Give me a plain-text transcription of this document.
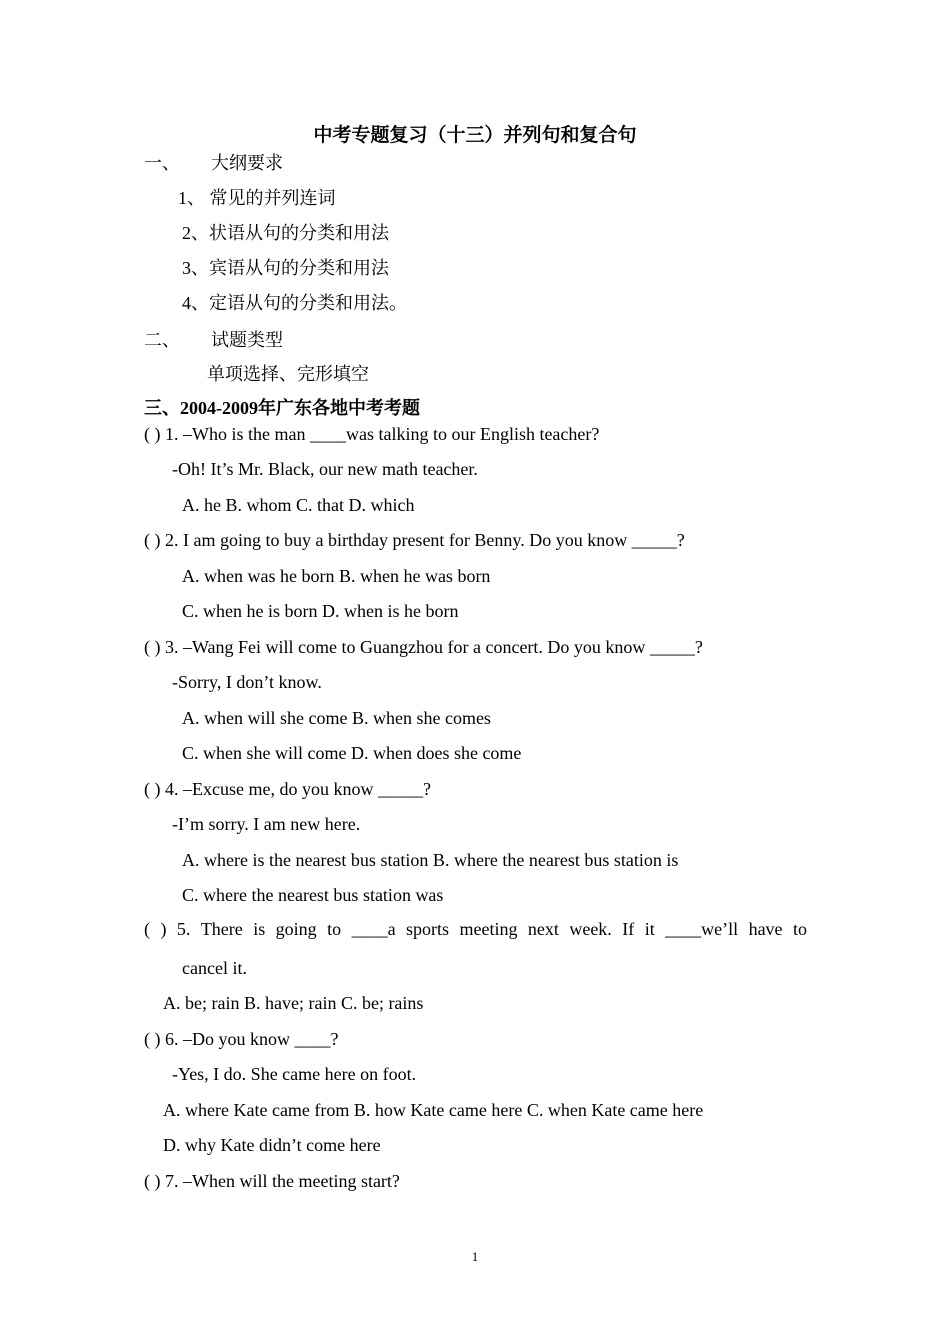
中考专题复习（十三）并列句和复合句
一、 大纲要求
1、 常见的并列连词
2、状语从句的分类和用法
3、宾语从句的分类和用法
4、定语从句的分类和用法。
二、 试题类型
单项选择、完形填空
三、2004-2009年广东各地中考考题
( ) 1. –Who is the man ____was talking to our English teacher?
-Oh! It’s Mr. Black, our new math teacher.
A. he B. whom C. that D. which
( ) 2. I am going to buy a birthday present for Benny. Do you know _____?
A. when was he born B. when he was born
C. when he is born D. when is he born
( ) 3. –Wang Fei will come to Guangzhou for a concert. Do you know _____?
-Sorry, I don’t know.
A. when will she come B. when she comes
C. when she will come D. when does she come
( ) 4. –Excuse me, do you know _____?
-I’m sorry. I am new here.
A. where is the nearest bus station B. where the nearest bus station is
C. where the nearest bus station was
( ) 5. There is going to ____a sports meeting next week. If it ____we’ll have to
cancel it.
A. be; rain B. have; rain C. be; rains
( ) 6. –Do you know ____?
-Yes, I do. She came here on foot.
A. where Kate came from B. how Kate came here C. when Kate came here
D. why Kate didn’t come here
( ) 7. –When will the meeting start?
1
